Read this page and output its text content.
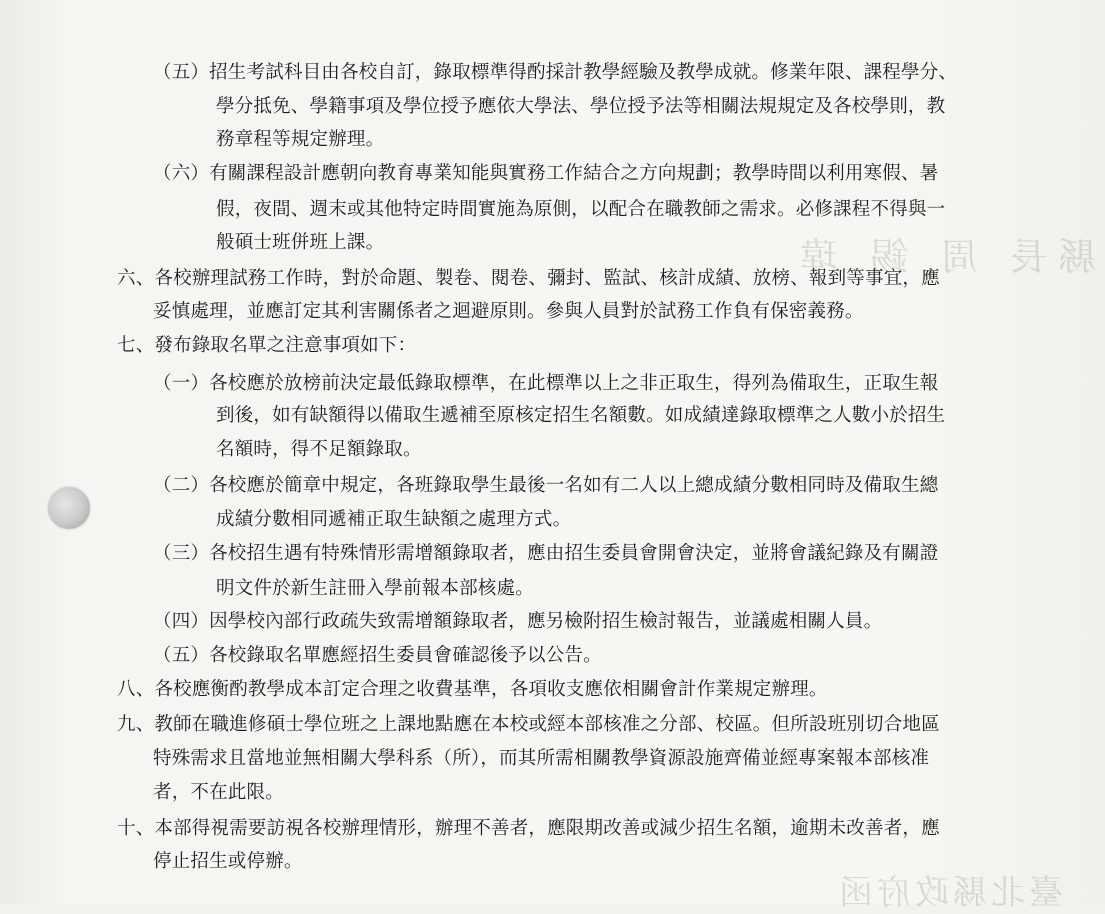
縣長 周 錫 瑋
臺北縣政府函
（五）招生考試科目由各校自訂，錄取標準得酌採計教學經驗及教學成就。修業年限、課程學分、
學分抵免、學籍事項及學位授予應依大學法、學位授予法等相關法規規定及各校學則，教
務章程等規定辦理。
（六）有關課程設計應朝向教育專業知能與實務工作結合之方向規劃；教學時間以利用寒假、暑
假，夜間、週末或其他特定時間實施為原側，以配合在職教師之需求。必修課程不得與一
般碩士班併班上課。
六、各校辦理試務工作時，對於命題、製卷、閱卷、彌封、監試、核計成績、放榜、報到等事宜，應
妥慎處理，並應訂定其利害關係者之迴避原則。參與人員對於試務工作負有保密義務。
七、發布錄取名單之注意事項如下：
（一）各校應於放榜前決定最低錄取標準，在此標準以上之非正取生，得列為備取生，正取生報
到後，如有缺額得以備取生遞補至原核定招生名額數。如成績達錄取標準之人數小於招生
名額時，得不足額錄取。
（二）各校應於簡章中規定，各班錄取學生最後一名如有二人以上總成績分數相同時及備取生總
成績分數相同遞補正取生缺額之處理方式。
（三）各校招生遇有特殊情形需增額錄取者，應由招生委員會開會決定，並將會議紀錄及有關證
明文件於新生註冊入學前報本部核處。
（四）因學校內部行政疏失致需增額錄取者，應另檢附招生檢討報告，並議處相關人員。
（五）各校錄取名單應經招生委員會確認後予以公告。
八、各校應衡酌教學成本訂定合理之收費基準，各項收支應依相關會計作業規定辦理。
九、教師在職進修碩士學位班之上課地點應在本校或經本部核准之分部、校區。但所設班別切合地區
特殊需求且當地並無相關大學科系（所），而其所需相關教學資源設施齊備並經專案報本部核准
者，不在此限。
十、本部得視需要訪視各校辦理情形，辦理不善者，應限期改善或減少招生名額，逾期未改善者，應
停止招生或停辦。
